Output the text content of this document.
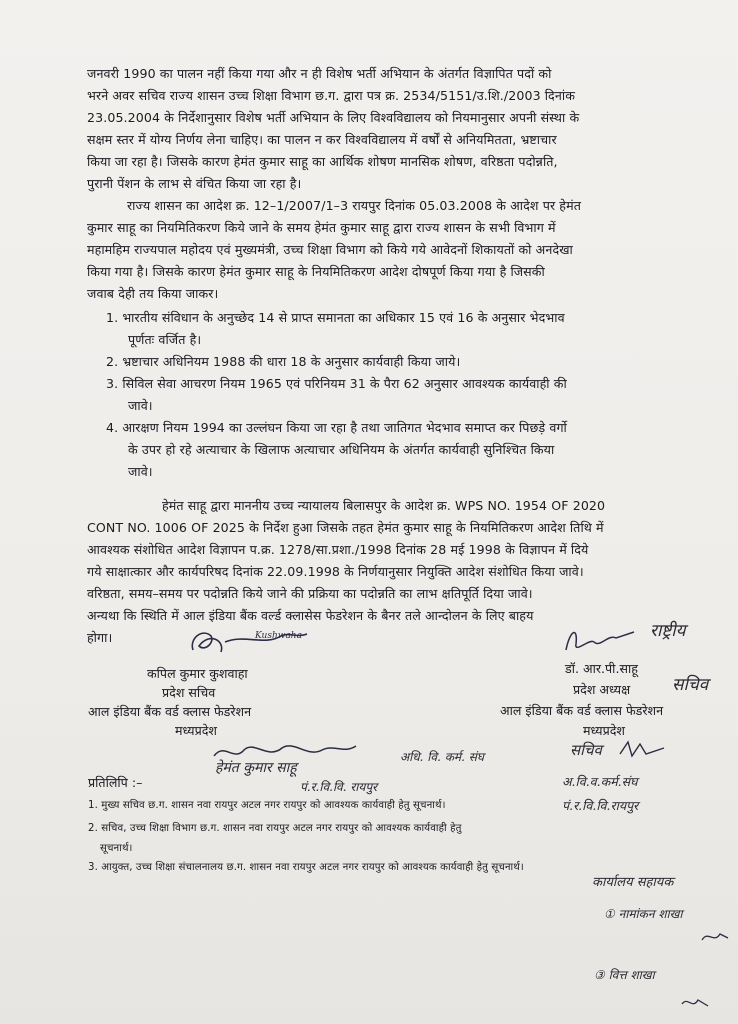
जनवरी 1990 का पालन नहीं किया गया और न ही विशेष भर्ती अभियान के अंतर्गत विज्ञापित पदों को
भरने अवर सचिव राज्य शासन उच्च शिक्षा विभाग छ.ग. द्वारा पत्र क्र. 2534/5151/उ.शि./2003 दिनांक
23.05.2004 के निर्देशानुसार विशेष भर्ती अभियान के लिए विश्वविद्यालय को नियमानुसार अपनी संस्था के
सक्षम स्तर में योग्य निर्णय लेना चाहिए। का पालन न कर विश्वविद्यालय में वर्षों से अनियमितता, भ्रष्टाचार
किया जा रहा है। जिसके कारण हेमंत कुमार साहू का आर्थिक शोषण मानसिक शोषण, वरिष्ठता पदोन्नति,
पुरानी पेंशन के लाभ से वंचित किया जा रहा है।
राज्य शासन का आदेश क्र. 12–1/2007/1–3 रायपुर दिनांक 05.03.2008 के आदेश पर हेमंत
कुमार साहू का नियमितिकरण किये जाने के समय हेमंत कुमार साहू द्वारा राज्य शासन के सभी विभाग में
महामहिम राज्यपाल महोदय एवं मुख्यमंत्री, उच्च शिक्षा विभाग को किये गये आवेदनों शिकायतों को अनदेखा
किया गया है। जिसके कारण हेमंत कुमार साहू के नियमितिकरण आदेश दोषपूर्ण किया गया है जिसकी
जवाब देही तय किया जाकर।
1. भारतीय संविधान के अनुच्छेद 14 से प्राप्त समानता का अधिकार 15 एवं 16 के अनुसार भेदभाव
पूर्णतः वर्जित है।
2. भ्रष्टाचार अधिनियम 1988 की धारा 18 के अनुसार कार्यवाही किया जाये।
3. सिविल सेवा आचरण नियम 1965 एवं परिनियम 31 के पैरा 62 अनुसार आवश्यक कार्यवाही की
जावे।
4. आरक्षण नियम 1994 का उल्लंघन किया जा रहा है तथा जातिगत भेदभाव समाप्त कर पिछड़े वर्गो
के उपर हो रहे अत्याचार के खिलाफ अत्याचार अधिनियम के अंतर्गत कार्यवाही सुनिश्चित किया
जावे।
हेमंत साहू द्वारा माननीय उच्च न्यायालय बिलासपुर के आदेश क्र. WPS NO. 1954 OF 2020
CONT NO. 1006 OF 2025 के निर्देश हुआ जिसके तहत हेमंत कुमार साहू के नियमितिकरण आदेश तिथि में
आवश्यक संशोधित आदेश विज्ञापन प.क्र. 1278/सा.प्रशा./1998 दिनांक 28 मई 1998 के विज्ञापन में दिये
गये साक्षात्कार और कार्यपरिषद दिनांक 22.09.1998 के निर्णयानुसार नियुक्ति आदेश संशोधित किया जावे।
वरिष्ठता, समय–समय पर पदोन्नति किये जाने की प्रक्रिया का पदोन्नति का लाभ क्षतिपूर्ति दिया जावे।
अन्यथा कि स्थिति में आल इंडिया बैंक वर्ल्ड क्लासेस फेडरेशन के बैनर तले आन्दोलन के लिए बाहय
होगा।	Kushwaha
कपिल कुमार कुशवाहा
प्रदेश सचिव
आल इंडिया बैंक वर्ड क्लास फेडरेशन
मध्यप्रदेश
राष्ट्रीय
सचिव
डॉ. आर.पी.साहू
प्रदेश अध्यक्ष
आल इंडिया बैंक वर्ड क्लास फेडरेशन
मध्यप्रदेश
हेमंत कुमार साहू
अधि. वि. कर्म. संघ
पं.र.वि.वि. रायपुर
सचिव
अ.वि.व.कर्म.संघ
पं.र.वि.वि.रायपुर
प्रतिलिपि :–
1. मुख्य सचिव छ.ग. शासन नवा रायपुर अटल नगर रायपुर को आवश्यक कार्यवाही हेतु सूचनार्थ।
2. सचिव, उच्च शिक्षा विभाग छ.ग. शासन नवा रायपुर अटल नगर रायपुर को आवश्यक कार्यवाही हेतु
सूचनार्थ।
3. आयुक्त, उच्च शिक्षा संचालनालय छ.ग. शासन नवा रायपुर अटल नगर रायपुर को आवश्यक कार्यवाही हेतु सूचनार्थ।
कार्यालय सहायक
① नामांकन शाखा
③ वित्त शाखा
